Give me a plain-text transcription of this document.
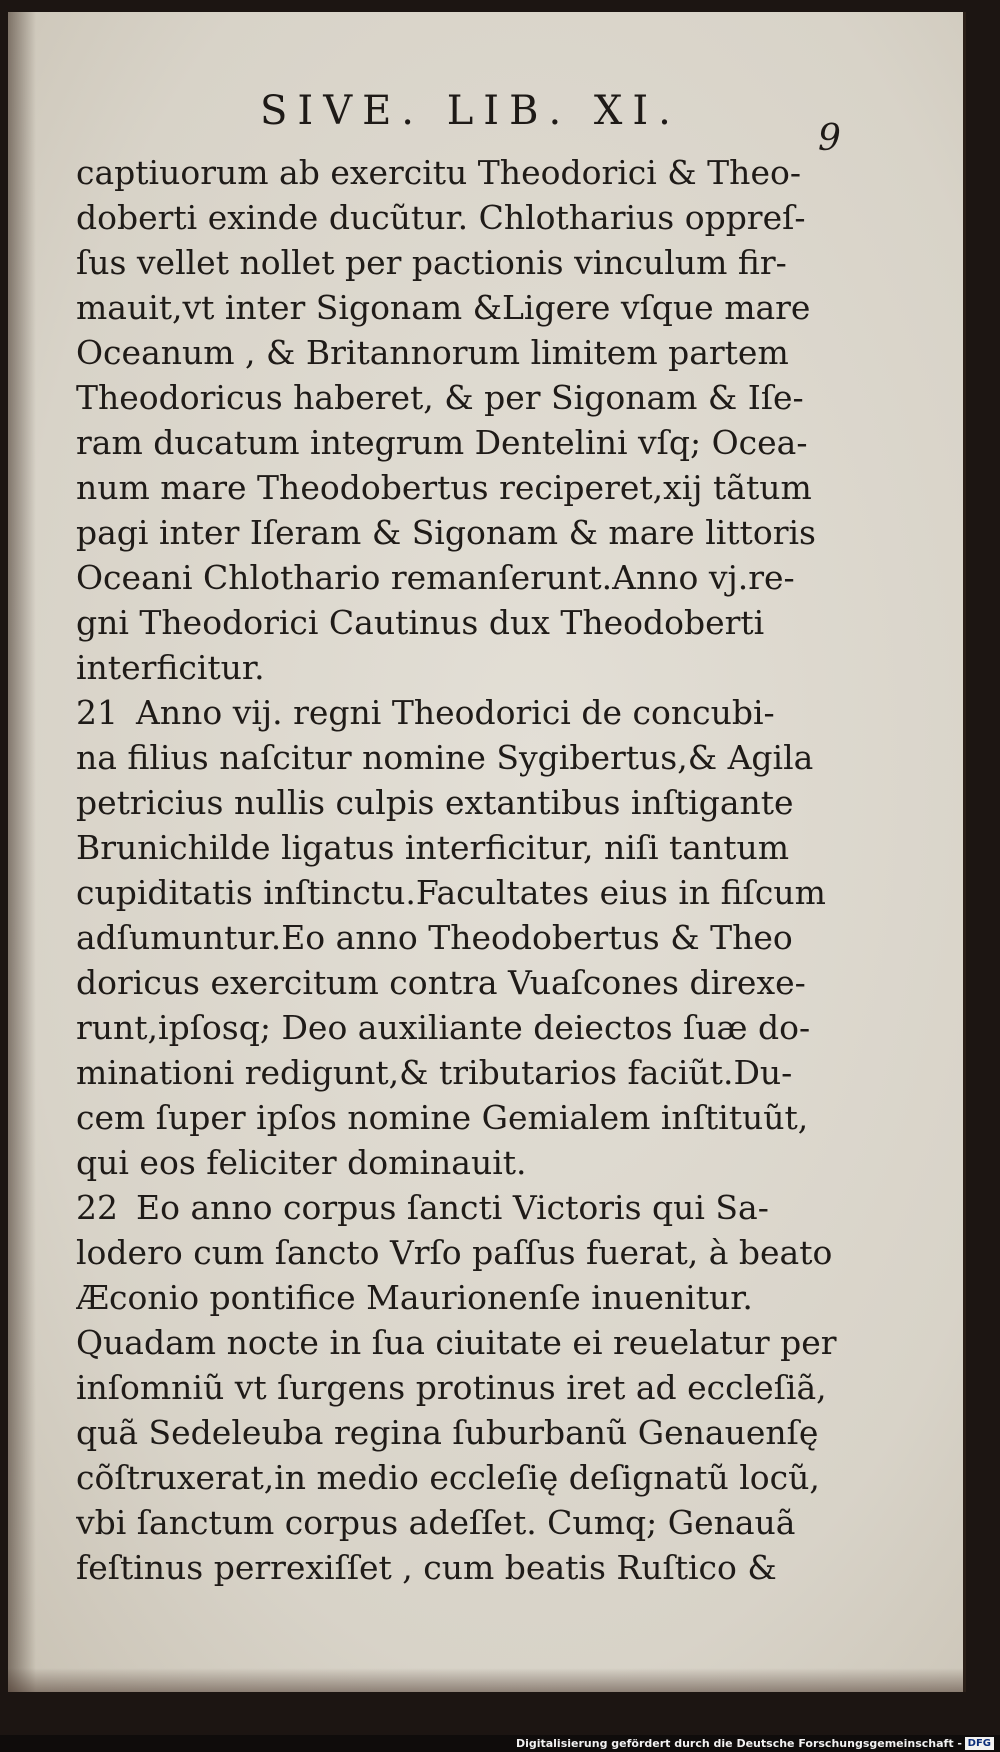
SIVE. LIB. XI.
9
captiuorum ab exercitu Theodorici & Theo-
doberti exinde ducũtur. Chlotharius oppreſ-
ſus vellet nollet per pactionis vinculum fir-
mauit,vt inter Sigonam &Ligere vſque mare
Oceanum , & Britannorum limitem partem
Theodoricus haberet, & per Sigonam & Iſe-
ram ducatum integrum Dentelini vſq; Ocea-
num mare Theodobertus reciperet,xij tãtum
pagi inter Iſeram & Sigonam & mare littoris
Oceani Chlothario remanſerunt.Anno vj.re-
gni Theodorici Cautinus dux Theodoberti
interficitur.
21 Anno vij. regni Theodorici de concubi-
na filius naſcitur nomine Sygibertus,& Agila
petricius nullis culpis extantibus inſtigante
Brunichilde ligatus interficitur, niſi tantum
cupiditatis inſtinctu.Facultates eius in fiſcum
adſumuntur.Eo anno Theodobertus & Theo
doricus exercitum contra Vuaſcones direxe-
runt,ipſosq; Deo auxiliante deiectos ſuæ do-
minationi redigunt,& tributarios faciũt.Du-
cem ſuper ipſos nomine Gemialem inſtituũt,
qui eos feliciter dominauit.
22 Eo anno corpus ſancti Victoris qui Sa-
lodero cum ſancto Vrſo paſſus fuerat, à beato
Æconio pontifice Maurionenſe inuenitur.
Quadam nocte in ſua ciuitate ei reuelatur per
inſomniũ vt ſurgens protinus iret ad eccleſiã,
quã Sedeleuba regina ſuburbanũ Genauenſę
cõſtruxerat,in medio eccleſię deſignatũ locũ,
vbi ſanctum corpus adeſſet. Cumq; Genauã
feſtinus perrexiſſet , cum beatis Ruſtico &
Digitalisierung gefördert durch die Deutsche Forschungsgemeinschaft - DFG
